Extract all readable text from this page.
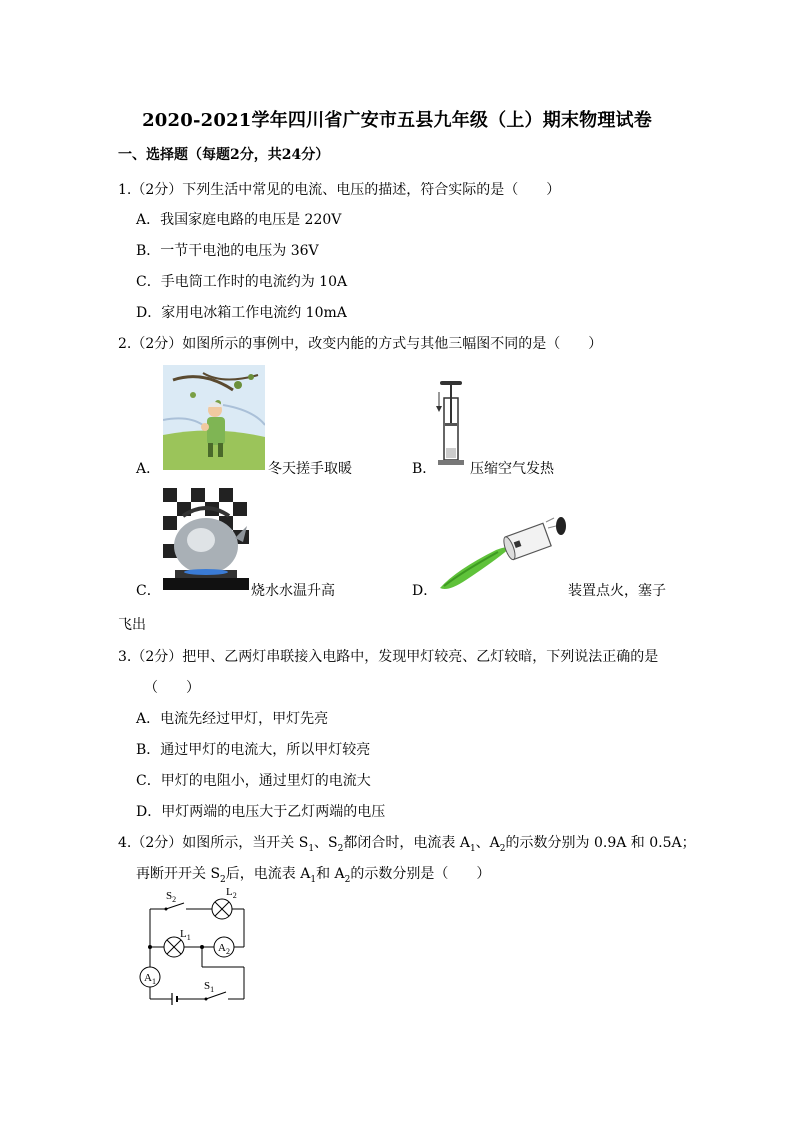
2020-2021学年四川省广安市五县九年级（上）期末物理试卷
一、选择题（每题2分，共24分）
1.（2分）下列生活中常见的电流、电压的描述，符合实际的是（　　）
A．我国家庭电路的电压是 220V
B．一节干电池的电压为 36V
C．手电筒工作时的电流约为 10A
D．家用电冰箱工作电流约 10mA
2.（2分）如图所示的事例中，改变内能的方式与其他三幅图不同的是（　　）
A．	冬天搓手取暖	B． 压缩空气发热
C．	烧水水温升高	D．	装置点火，塞子
飞出
3.（2分）把甲、乙两灯串联接入电路中，发现甲灯较亮、乙灯较暗，下列说法正确的是
（　　）
A．电流先经过甲灯，甲灯先亮
B．通过甲灯的电流大，所以甲灯较亮
C．甲灯的电阻小，通过里灯的电流大
D．甲灯两端的电压大于乙灯两端的电压
4.（2分）如图所示，当开关 $S_1$、$S_2$都闭合时，电流表 $A_1$、$A_2$的示数分别为 0.9A 和 0.5A；
再断开开关 $S_2$后，电流表 $A_1$和 $A_2$的示数分别是（　　）
$S_2$
$L_2$
$L_1$
$A_2$
$A_1$	$S_1$
